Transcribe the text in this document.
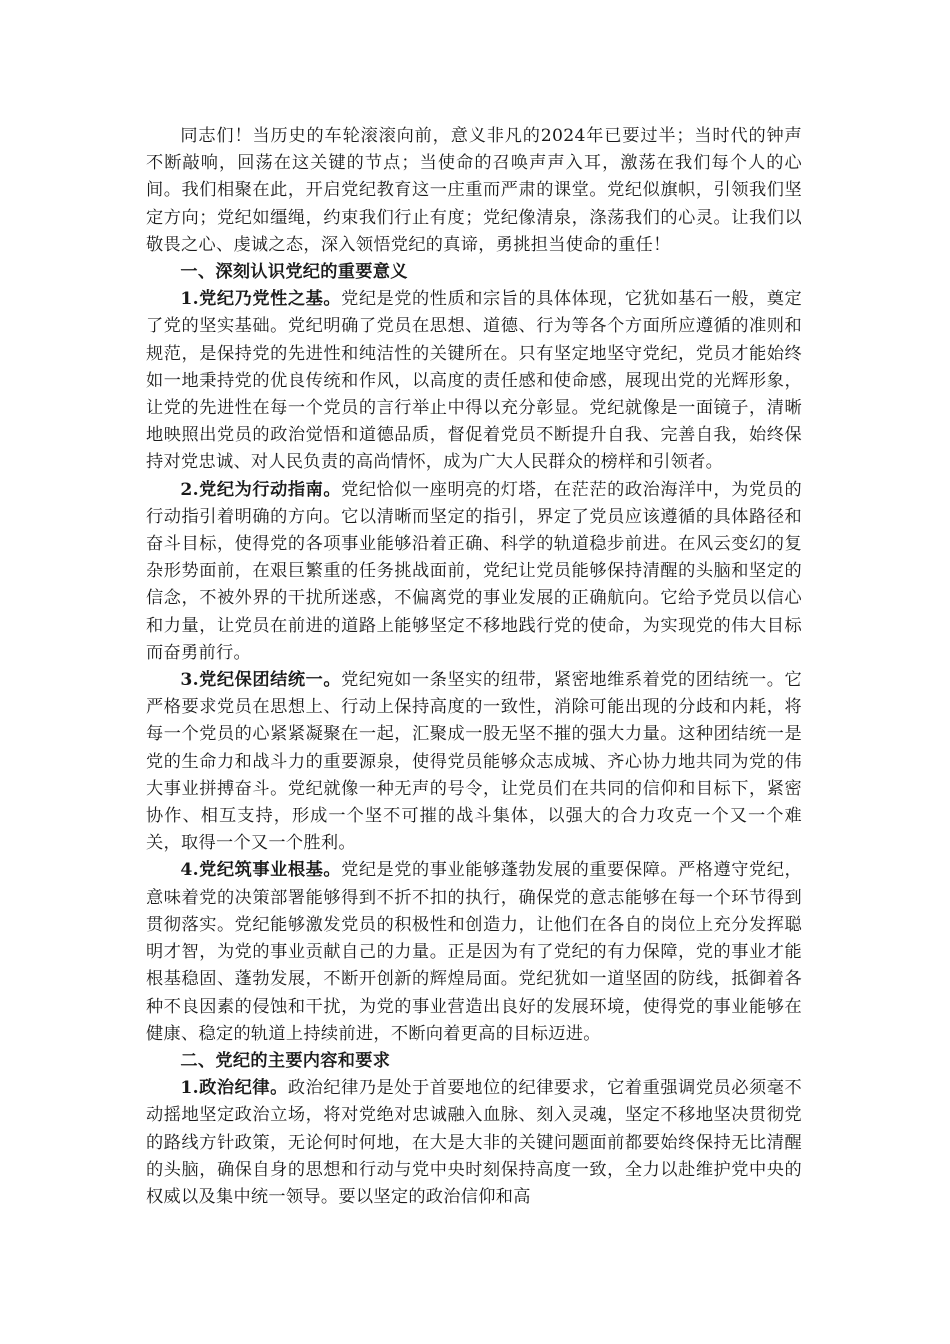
同志们！当历史的车轮滚滚向前，意义非凡的2024年已要过半；当时代的钟声不断敲响，回荡在这关键的节点；当使命的召唤声声入耳，激荡在我们每个人的心间。我们相聚在此，开启党纪教育这一庄重而严肃的课堂。党纪似旗帜，引领我们坚定方向；党纪如缰绳，约束我们行止有度；党纪像清泉，涤荡我们的心灵。让我们以敬畏之心、虔诚之态，深入领悟党纪的真谛，勇挑担当使命的重任！

一、深刻认识党纪的重要意义

1.党纪乃党性之基。党纪是党的性质和宗旨的具体体现，它犹如基石一般，奠定了党的坚实基础。党纪明确了党员在思想、道德、行为等各个方面所应遵循的准则和规范，是保持党的先进性和纯洁性的关键所在。只有坚定地坚守党纪，党员才能始终如一地秉持党的优良传统和作风，以高度的责任感和使命感，展现出党的光辉形象，让党的先进性在每一个党员的言行举止中得以充分彰显。党纪就像是一面镜子，清晰地映照出党员的政治觉悟和道德品质，督促着党员不断提升自我、完善自我，始终保持对党忠诚、对人民负责的高尚情怀，成为广大人民群众的榜样和引领者。

2.党纪为行动指南。党纪恰似一座明亮的灯塔，在茫茫的政治海洋中，为党员的行动指引着明确的方向。它以清晰而坚定的指引，界定了党员应该遵循的具体路径和奋斗目标，使得党的各项事业能够沿着正确、科学的轨道稳步前进。在风云变幻的复杂形势面前，在艰巨繁重的任务挑战面前，党纪让党员能够保持清醒的头脑和坚定的信念，不被外界的干扰所迷惑，不偏离党的事业发展的正确航向。它给予党员以信心和力量，让党员在前进的道路上能够坚定不移地践行党的使命，为实现党的伟大目标而奋勇前行。

3.党纪保团结统一。党纪宛如一条坚实的纽带，紧密地维系着党的团结统一。它严格要求党员在思想上、行动上保持高度的一致性，消除可能出现的分歧和内耗，将每一个党员的心紧紧凝聚在一起，汇聚成一股无坚不摧的强大力量。这种团结统一是党的生命力和战斗力的重要源泉，使得党员能够众志成城、齐心协力地共同为党的伟大事业拼搏奋斗。党纪就像一种无声的号令，让党员们在共同的信仰和目标下，紧密协作、相互支持，形成一个坚不可摧的战斗集体，以强大的合力攻克一个又一个难关，取得一个又一个胜利。

4.党纪筑事业根基。党纪是党的事业能够蓬勃发展的重要保障。严格遵守党纪，意味着党的决策部署能够得到不折不扣的执行，确保党的意志能够在每一个环节得到贯彻落实。党纪能够激发党员的积极性和创造力，让他们在各自的岗位上充分发挥聪明才智，为党的事业贡献自己的力量。正是因为有了党纪的有力保障，党的事业才能根基稳固、蓬勃发展，不断开创新的辉煌局面。党纪犹如一道坚固的防线，抵御着各种不良因素的侵蚀和干扰，为党的事业营造出良好的发展环境，使得党的事业能够在健康、稳定的轨道上持续前进，不断向着更高的目标迈进。

二、党纪的主要内容和要求

1.政治纪律。政治纪律乃是处于首要地位的纪律要求，它着重强调党员必须毫不动摇地坚定政治立场，将对党绝对忠诚融入血脉、刻入灵魂，坚定不移地坚决贯彻党的路线方针政策，无论何时何地，在大是大非的关键问题面前都要始终保持无比清醒的头脑，确保自身的思想和行动与党中央时刻保持高度一致，全力以赴维护党中央的权威以及集中统一领导。要以坚定的政治信仰和高
